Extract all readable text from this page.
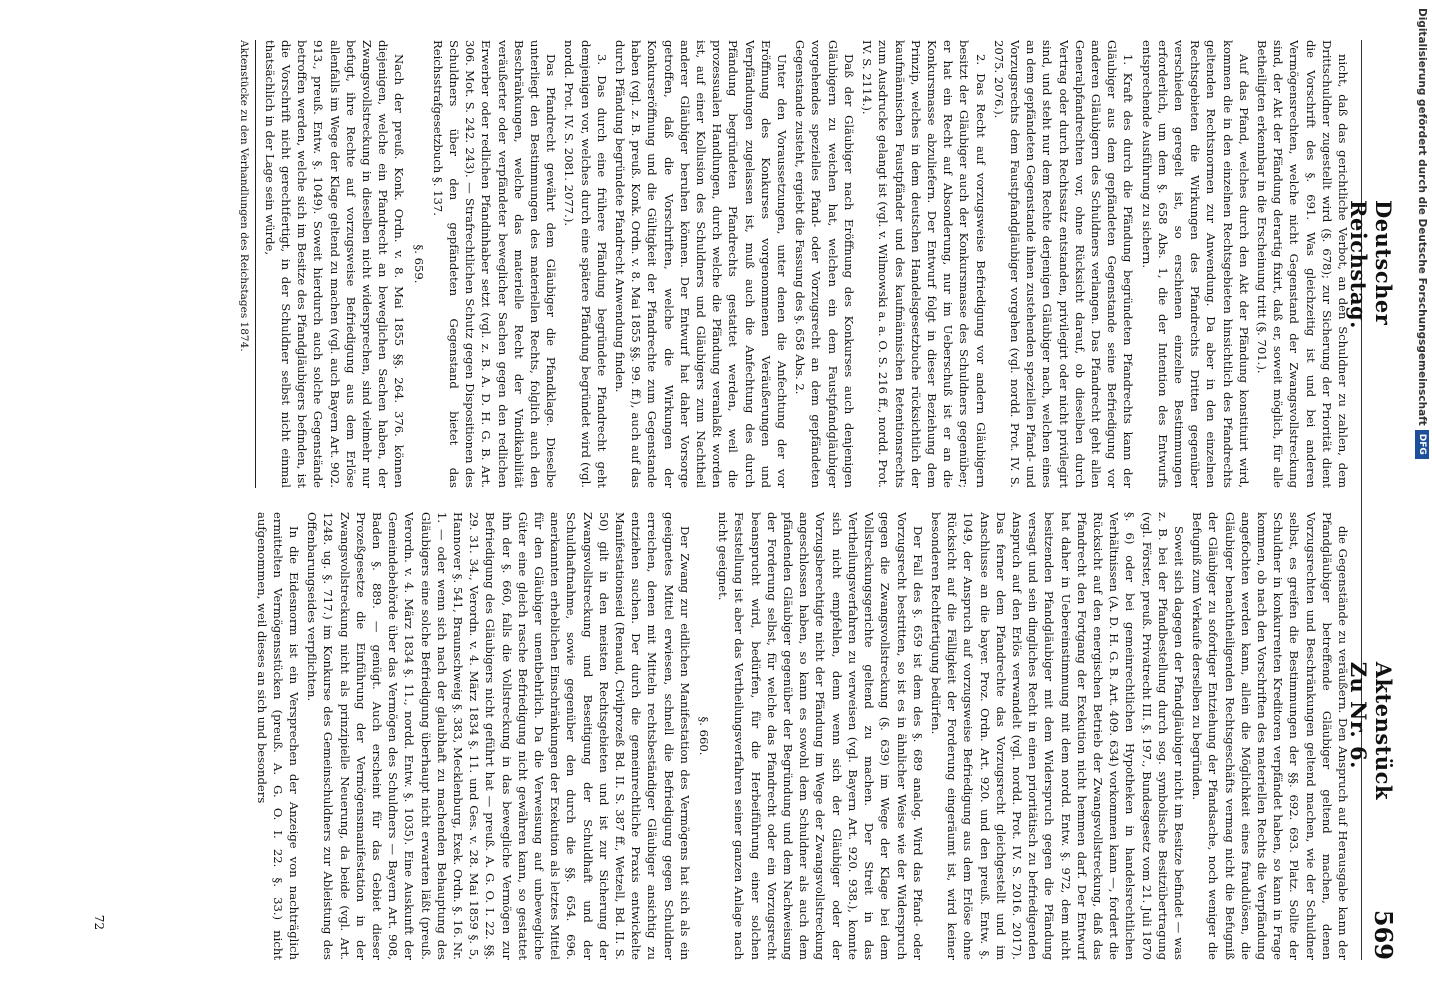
Deutscher Reichstag.
Aktenstück Zu Nr. 6.
569

nicht, daß das gerichtliche Verbot, an den Schuldner zu zahlen, dem Drittschuldner zugestellt wird (§. 678); zur Sicherung der Priorität dient die Vorschrift des §. 691. Was gleichzeitig ist und bei anderen Vermögensrechten, welche nicht Gegenstand der Zwangsvollstreckung sind, der Akt der Pfändung derartig fixirt, daß er, soweit möglich, für alle Betheiligten erkennbar in die Erscheinung tritt (§. 701.).

Auf das Pfand, welches durch den Akt der Pfändung konstituirt wird, kommen die in den einzelnen Rechtsgebieten hinsichtlich des Pfandrechts geltenden Rechtsnormen zur Anwendung. Da aber in den einzelnen Rechtsgebieten die Wirkungen des Pfandrechts Dritten gegenüber verschieden geregelt ist, so erschienen einzelne Bestimmungen erforderlich, um dem §. 658 Abs. 1, die der Intention des Entwurfs entsprechende Ausführung zu sichern.

1. Kraft des durch die Pfändung begründeten Pfandrechts kann der Gläubiger aus dem gepfändeten Gegenstande seine Befriedigung vor anderen Gläubigern des Schuldners verlangen. Das Pfandrecht geht allen Generalpfandrechten vor, ohne Rücksicht darauf, ob dieselben durch Vertrag oder durch Rechtssatz entstanden, privilegirt oder nicht privilegirt sind, und steht nur dem Rechte derjenigen Gläubiger nach, welchen eines an dem gepfändeten Gegenstande ihnen zustehenden speziellen Pfand- und Vorzugsrechts dem Faustpfandgläubiger vorgehen (vgl. nordd. Prot. IV. S. 2075. 2076.).

2. Das Recht auf vorzugsweise Befriedigung vor andern Gläubigern besitzt der Gläubiger auch der Konkursmasse des Schuldners gegenüber; er hat ein Recht auf Absonderung, nur im Ueberschuß ist er an die Konkursmasse abzuliefern. Der Entwurf folgt in dieser Beziehung dem Prinzip, welches in dem deutschen Handelsgesetzbuche rücksichtlich der kaufmännischen Faustpfänder und des kaufmännischen Retentionsrechts zum Ausdrucke gelangt ist (vgl. v. Wilmowski a. a. O. S. 216 ff., nordd. Prot. IV. S. 2114.).

Daß der Gläubiger nach Eröffnung des Konkurses auch denjenigen Gläubigern zu weichen hat, welchen ein dem Faustpfandgläubiger vorgehendes spezielles Pfand- oder Vorzugsrecht an dem gepfändeten Gegenstande zusteht, ergiebt die Fassung des §. 658 Abs. 2.

Unter den Voraussetzungen, unter denen die Anfechtung der vor Eröffnung des Konkurses vorgenommenen Veräußerungen und Verpfändungen zugelassen ist, muß auch die Anfechtung des durch Pfändung begründeten Pfandrechts gestattet werden, weil die prozessualen Handlungen, durch welche die Pfändung veranlaßt worden ist, auf einer Kollusion des Schuldners und Gläubigers zum Nachtheil anderer Gläubiger beruhen können. Der Entwurf hat daher Vorsorge getroffen, daß die Vorschriften, welche die Wirkungen der Konkurseröffnung und die Gültigkeit der Pfandrechte zum Gegenstande haben (vgl. z. B. preuß. Konk. Ordn. v. 8. Mai 1855 §§. 99. ff.), auch auf das durch Pfändung begründete Pfandrecht Anwendung finden.

3. Das durch eine frühere Pfändung begründete Pfandrecht geht demjenigen vor, welches durch eine spätere Pfändung begründet wird (vgl. nordd. Prot. IV. S. 2081. 2077.).

Das Pfandrecht gewährt dem Gläubiger die Pfandklage. Dieselbe unterliegt den Bestimmungen des materiellen Rechts, folglich auch den Beschränkungen, welche das materielle Recht der Vindikabilität veräußerter oder verpfändeter beweglicher Sachen gegen den redlichen Erwerber oder redlichen Pfandinhaber setzt (vgl. z. B. A. D. H. G. B. Art. 306. Mot. S. 242. 243). — Strafrechtlichen Schutz gegen Dispositionen des Schuldners über den gepfändeten Gegenstand bietet das Reichsstrafgesetzbuch §. 137.

§. 659.

Nach der preuß. Konk. Ordn. v. 8. Mai 1855 §§. 264. 376. können diejenigen, welche ein Pfandrecht an beweglichen Sachen haben, der Zwangsvollstreckung in dieselben nicht widersprechen, sind vielmehr nur befugt, ihre Rechte auf vorzugsweise Befriedigung aus dem Erlöse allenfalls im Wege der Klage geltend zu machen (vgl. auch Bayern Art. 902. 913., preuß. Entw. §. 1049). Soweit hierdurch auch solche Gegenstände betroffen werden, welche sich im Besitze des Pfandgläubigers befinden, ist die Vorschrift nicht gerechtfertigt, in der Schuldner selbst nicht einmal thatsächlich in der Lage sein würde,

Aktenstücke zu den Verhandlungen des Reichstages 1874.

die Gegenstände zu veräußern. Den Anspruch auf Herausgabe kann der Pfandgläubiger betreffende Gläubiger geltend machen, denen Vorzugsrechten und Beschränkungen geltend machen, wie der Schuldner selbst, es greifen die Bestimmungen der §§. 692. 693. Platz. Sollte der Schuldner in konkurrenten Kreditoren verpfändet haben, so kann in Frage kommen, ob nach den Vorschriften des materiellen Rechts die Verpfändung angefochten werden kann, allein die Möglichkeit eines fraudulösen, die Gläubiger benachtheiligenden Rechtsgeschäfts vermag nicht die Befugniß der Gläubiger zu sofortiger Entziehung der Pfandsache, noch weniger die Befugniß zum Verkaufe derselben zu begründen.

Soweit sich dagegen der Pfandgläubiger nicht im Besitze befindet — was z. B. bei der Pfandbestellung durch sog. symbolische Besitzübertragung (vgl. Förster, preuß. Privatrecht III. §. 197., Bundesgesetz vom 21. Juli 1870 §. 6) oder bei gemeinrechtlichen Hypotheken in handelsrechtlichen Verhältnissen (A. D. H. G. B. Art. 409. 634) vorkommen kann —, fordert die Rücksicht auf den energischen Betrieb der Zwangsvollstreckung, daß das Pfandrecht den Fortgang der Exekution nicht hemmen darf. Der Entwurf hat daher in Uebereinstimmung mit dem nordd. Entw. §. 972, dem nicht besitzenden Pfandgläubiger mit dem Widerspruch gegen die Pfändung versagt und sein dingliches Recht in einen prioritätisch zu befriedigenden Anspruch auf den Erlös verwandelt (vgl. nordd. Prot. IV. S. 2016. 2017). Das ferner dem Pfandrechte das Vorzugsrecht gleichgestellt und im Anschlusse an die bayer. Proz. Ordn. Art. 920. und den preuß. Entw. §. 1049, der Anspruch auf vorzugsweise Befriedigung aus dem Erlöse ohne Rücksicht auf die Fälligkeit der Forderung eingeräumt ist, wird keiner besonderen Rechtfertigung bedürfen.

Der Fall des §. 659 ist dem des §. 689 analog. Wird das Pfand- oder Vorzugsrecht bestritten, so ist es in ähnlicher Weise wie der Widerspruch gegen die Zwangsvollstreckung (§. 639) im Wege der Klage bei dem Vollstreckungsgerichte geltend zu machen. Der Streit in das Vertheilungsverfahren zu verweisen (vgl. Bayern Art. 920. 938.), konnte sich nicht empfehlen, denn wenn sich der Gläubiger oder der Vorzugsberechtigte nicht der Pfändung im Wege der Zwangsvollstreckung angeschlossen haben, so kann es sowohl dem Schuldner als auch dem pfändenden Gläubiger gegenüber der Begründung und dem Nachweisung der Forderung selbst, für welche das Pfandrecht oder ein Vorzugsrecht beansprucht wird, bedürfen, für die Herbeiführung einer solchen Feststellung ist aber das Vertheilungsverfahren seiner ganzen Anlage nach nicht geeignet.

§. 660.

Der Zwang zur eidlichen Manifestation des Vermögens hat sich als ein geeignetes Mittel erwiesen, schnell die Befriedigung gegen Schuldner erreichen, denen mit Mitteln rechtsbeständiger Gläubiger ansichtig zu entziehen suchen. Der durch die gemeinrechtliche Praxis entwickelte Manifestationseid (Renaud, Civilprozeß Bd. II. S. 387 ff., Wetzell, Bd. II. S. 50) gilt in den meisten Rechtsgebieten und ist zur Sicherung der Zwangsvollstreckung und Beseitigung der Schuldhaft und der Schuldhaftnahme, sowie gegenüber den durch die §§. 654. 696. anerkannten erheblichen Einschränkungen der Exekution als letztes Mittel für den Gläubiger unentbehrlich. Da die Verweisung auf unbewegliche Güter eine gleich rasche Befriedigung nicht gewähren kann, so gestattet ihn der §. 660, falls die Vollstreckung in das bewegliche Vermögen zur Befriedigung des Gläubigers nicht geführt hat — preuß. A. G. O. I. 22. §§. 29. 31. 34., Verordn. v. 4. März 1834 §. 11. und Ges. v. 28. Mai 1859 §. 5, Hannover §. 541, Braunschweig §. 383, Mecklenburg, Exek. Ordn. §. 16. Nr. 1. — oder wenn sich nach der glaubhaft zu machenden Behauptung des Gläubigers eine solche Befriedigung überhaupt nicht erwarten läßt (preuß. Verordn. v. 4. März 1834 §. 11., nordd. Entw. §. 1035). Eine Auskunft der Gemeindebehörde über das Vermögen des Schuldners — Bayern Art. 908, Baden §. 889. — genügt. Auch erscheint für das Gebiet dieser Prozeßgesetze die Einführung der Vermögensmanifestation in der Zwangsvollstreckung nicht als prinzipielle Neuerung, da beide (vgl. Art. 1248. ug. §. 717.) im Konkurse des Gemeinschuldners zur Ableistung des Offenbarungseides verpflichten.

In die Eidesnorm ist ein Versprechen der Anzeige von nachträglich ermittelten Vermögensstücken (preuß. A. G. O. I. 22. §. 33.) nicht aufgenommen, weil dieses an sich und besonders

72
Digitalisierung gefördert durch die Deutsche Forschungsgemeinschaft
DFG
